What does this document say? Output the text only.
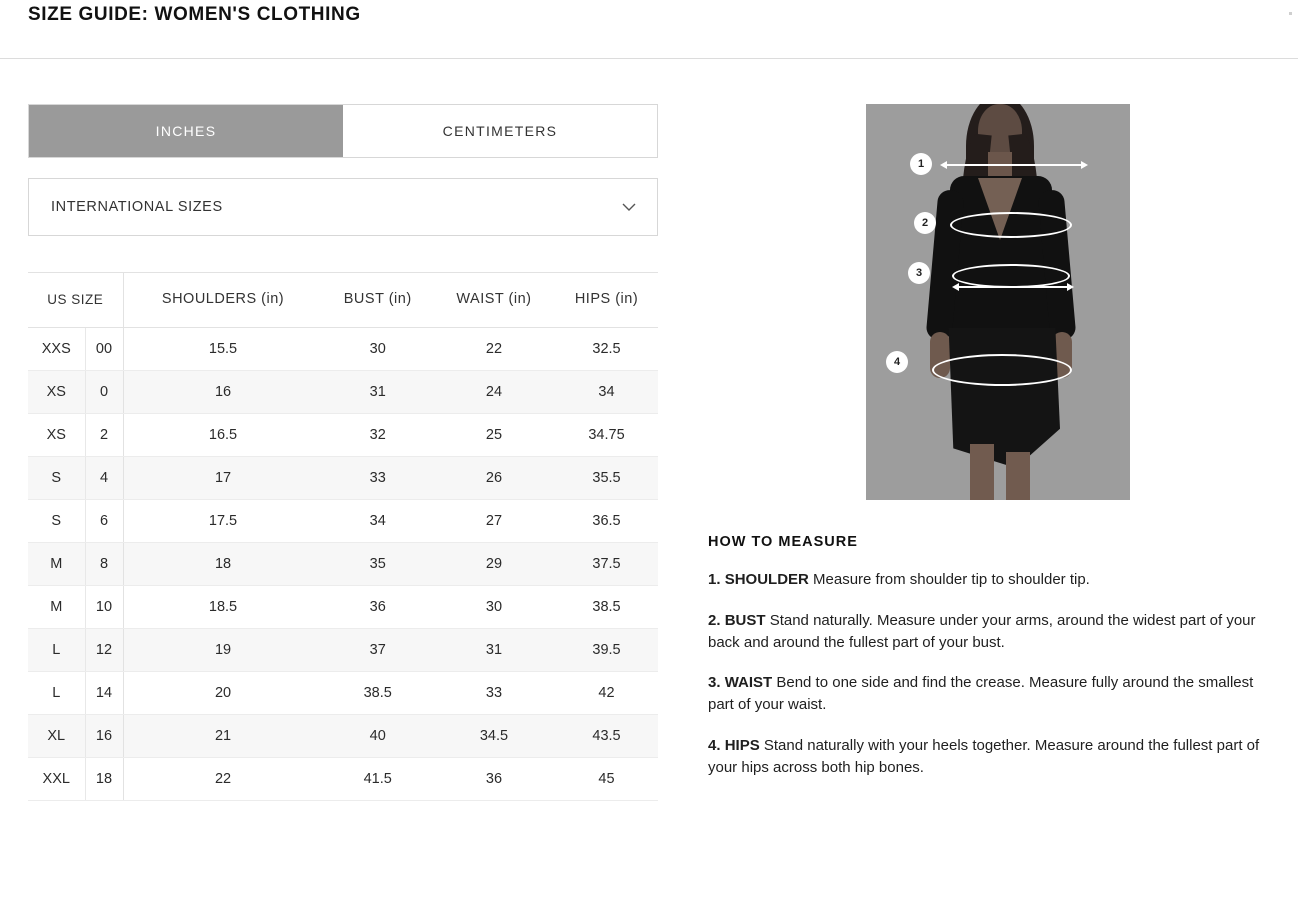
SIZE GUIDE: WOMEN'S CLOTHING
INCHES	CENTIMETERS
INTERNATIONAL SIZES
US SIZE		SHOULDERS (in)	BUST (in)	WAIST (in)	HIPS (in)
XXS	00	15.5	30	22	32.5
XS	0	16	31	24	34
XS	2	16.5	32	25	34.75
S	4	17	33	26	35.5
S	6	17.5	34	27	36.5
M	8	18	35	29	37.5
M	10	18.5	36	30	38.5
L	12	19	37	31	39.5
L	14	20	38.5	33	42
XL	16	21	40	34.5	43.5
XXL	18	22	41.5	36	45
1
2
3
4
HOW TO MEASURE
1. SHOULDER Measure from shoulder tip to shoulder tip.
2. BUST Stand naturally. Measure under your arms, around the widest part of your back and around the fullest part of your bust.
3. WAIST Bend to one side and find the crease. Measure fully around the smallest part of your waist.
4. HIPS Stand naturally with your heels together. Measure around the fullest part of your hips across both hip bones.
